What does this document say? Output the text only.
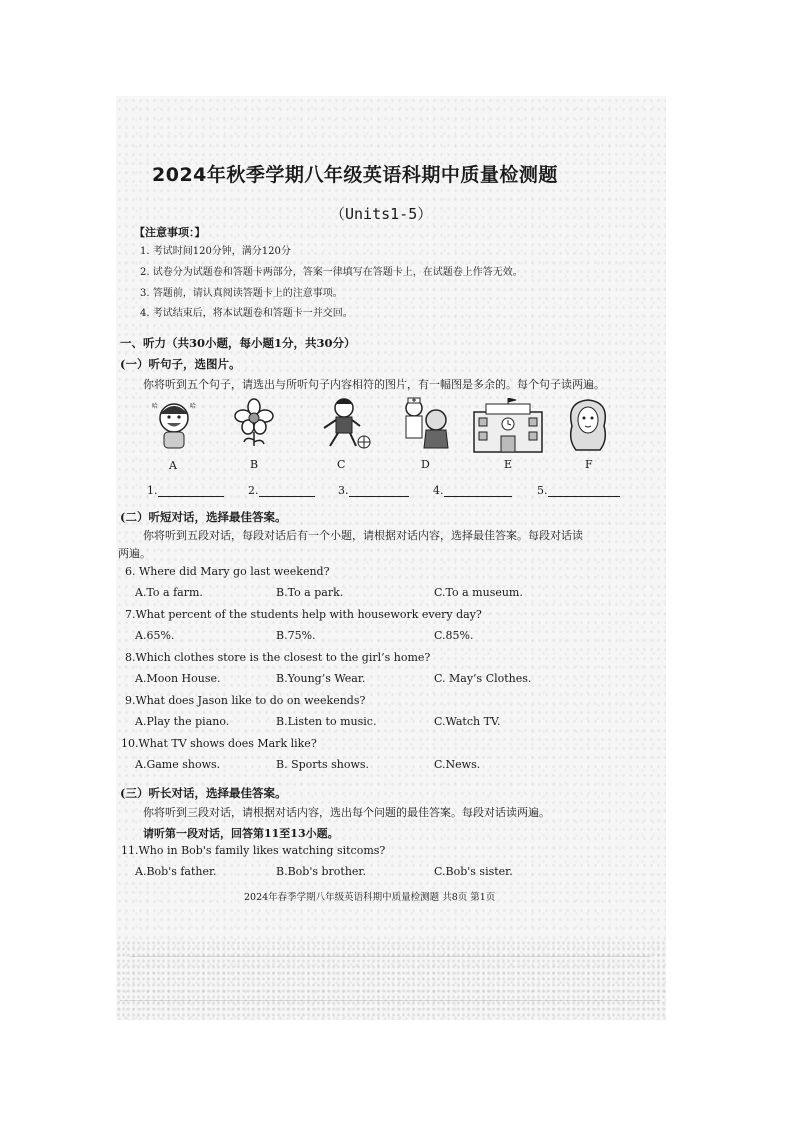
2024年秋季学期八年级英语科期中质量检测题
（Units1-5）
【注意事项：】
1. 考试时间120分钟，满分120分
2. 试卷分为试题卷和答题卡两部分，答案一律填写在答题卡上，在试题卷上作答无效。
3. 答题前，请认真阅读答题卡上的注意事项。
4. 考试结束后，将本试题卷和答题卡一并交回。
一、听力（共30小题，每小题1分，共30分）
(一）听句子，选图片。
你将听到五个句子，请选出与所听句子内容相符的图片，有一幅图是多余的。每个句子读两遍。
哈	哈
A	B	C	D	E	F
1.	2.	3.	4.	5.
(二）听短对话，选择最佳答案。
你将听到五段对话，每段对话后有一个小题，请根据对话内容，选择最佳答案。每段对话读
两遍。
6. Where did Mary go last weekend?
A.To a farm.	B.To a park.	C.To a museum.
7.What percent of the students help with housework every day?
A.65%.	B.75%.	C.85%.
8.Which clothes store is the closest to the girl’s home?
A.Moon House.	B.Young’s Wear.	C. May’s Clothes.
9.What does Jason like to do on weekends?
A.Play the piano.	B.Listen to music.	C.Watch TV.
10.What TV shows does Mark like?
A.Game shows.	B. Sports shows.	C.News.
(三）听长对话，选择最佳答案。
你将听到三段对话，请根据对话内容，选出每个问题的最佳答案。每段对话读两遍。
请听第一段对话，回答第11至13小题。
11.Who in Bob's family likes watching sitcoms?
A.Bob's father.	B.Bob's brother.	C.Bob's sister.
2024年春季学期八年级英语科期中质量检测题 共8页 第1页
